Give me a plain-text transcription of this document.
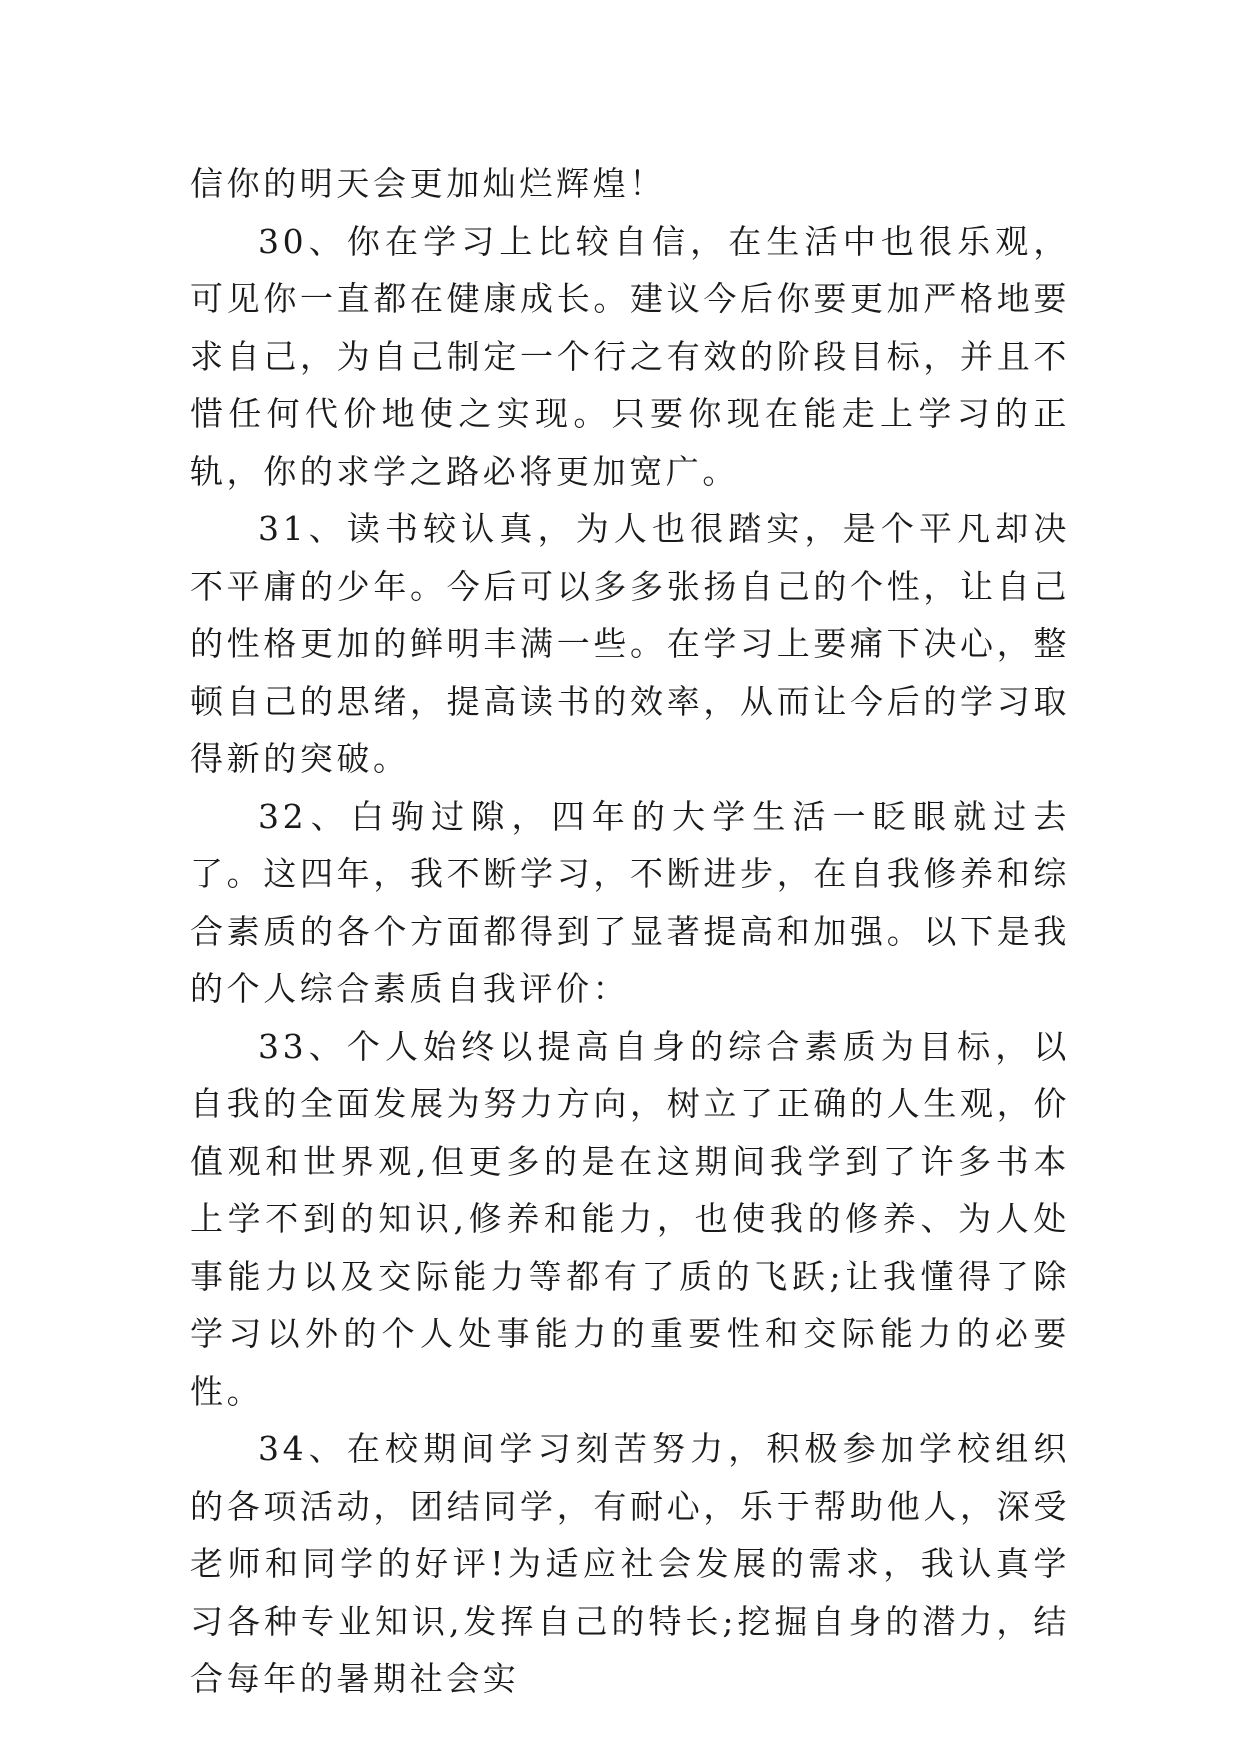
信你的明天会更加灿烂辉煌！

30、你在学习上比较自信，在生活中也很乐观，可见你一直都在健康成长。建议今后你要更加严格地要求自己，为自己制定一个行之有效的阶段目标，并且不惜任何代价地使之实现。只要你现在能走上学习的正轨，你的求学之路必将更加宽广。

31、读书较认真，为人也很踏实，是个平凡却决不平庸的少年。今后可以多多张扬自己的个性，让自己的性格更加的鲜明丰满一些。在学习上要痛下决心，整顿自己的思绪，提高读书的效率，从而让今后的学习取得新的突破。

32、白驹过隙，四年的大学生活一眨眼就过去了。这四年，我不断学习，不断进步，在自我修养和综合素质的各个方面都得到了显著提高和加强。以下是我的个人综合素质自我评价：

33、个人始终以提高自身的综合素质为目标，以自我的全面发展为努力方向，树立了正确的人生观，价值观和世界观,但更多的是在这期间我学到了许多书本上学不到的知识,修养和能力，也使我的修养、为人处事能力以及交际能力等都有了质的飞跃;让我懂得了除学习以外的个人处事能力的重要性和交际能力的必要性。

34、在校期间学习刻苦努力，积极参加学校组织的各项活动，团结同学，有耐心，乐于帮助他人，深受老师和同学的好评!为适应社会发展的需求，我认真学习各种专业知识,发挥自己的特长;挖掘自身的潜力，结合每年的暑期社会实
